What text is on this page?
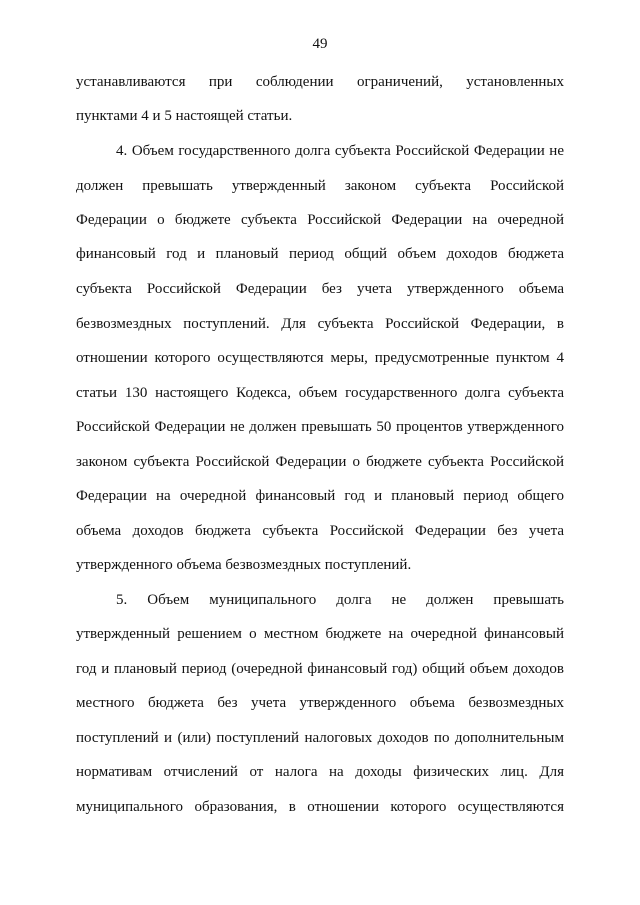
49
устанавливаются при соблюдении ограничений, установленных
пунктами 4 и 5 настоящей статьи.
4. Объем государственного долга субъекта Российской Федерации не
должен превышать утвержденный законом субъекта Российской
Федерации о бюджете субъекта Российской Федерации на очередной
финансовый год и плановый период общий объем доходов бюджета
субъекта Российской Федерации без учета утвержденного объема
безвозмездных поступлений. Для субъекта Российской Федерации, в
отношении которого осуществляются меры, предусмотренные пунктом 4
статьи 130 настоящего Кодекса, объем государственного долга субъекта
Российской Федерации не должен превышать 50 процентов утвержденного
законом субъекта Российской Федерации о бюджете субъекта Российской
Федерации на очередной финансовый год и плановый период общего
объема доходов бюджета субъекта Российской Федерации без учета
утвержденного объема безвозмездных поступлений.
5. Объем муниципального долга не должен превышать
утвержденный решением о местном бюджете на очередной финансовый
год и плановый период (очередной финансовый год) общий объем доходов
местного бюджета без учета утвержденного объема безвозмездных
поступлений и (или) поступлений налоговых доходов по дополнительным
нормативам отчислений от налога на доходы физических лиц. Для
муниципального образования, в отношении которого осуществляются
